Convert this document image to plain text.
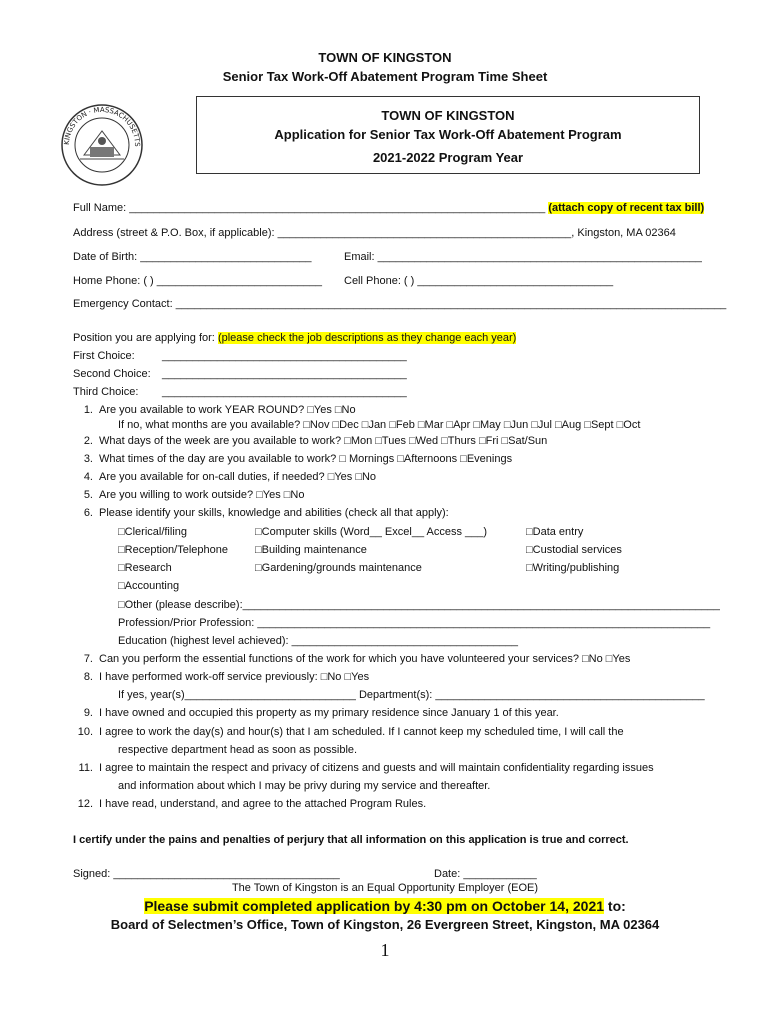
TOWN OF KINGSTON
Senior Tax Work-Off Abatement Program Time Sheet
KINGSTON · MASSACHUSETTS
TOWN OF KINGSTON
Application for Senior Tax Work-Off Abatement Program
2021-2022 Program Year
Full Name: ____________________________________________________________________ (attach copy of recent tax bill)
Address (street & P.O. Box, if applicable): ________________________________________________, Kingston, MA 02364
Date of Birth: ____________________________	Email: _____________________________________________________
Home Phone: ( ) ___________________________ Cell Phone: ( ) ________________________________
Emergency Contact: __________________________________________________________________________________________
Position you are applying for: (please check the job descriptions as they change each year)
First Choice: ________________________________________
Second Choice: ________________________________________
Third Choice: ________________________________________
1. Are you available to work YEAR ROUND? □Yes □No
If no, what months are you available? □Nov □Dec □Jan □Feb □Mar □Apr □May □Jun □Jul □Aug □Sept □Oct
2. What days of the week are you available to work? □Mon □Tues □Wed □Thurs □Fri □Sat/Sun
3. What times of the day are you available to work? □ Mornings □Afternoons □Evenings
4. Are you available for on-call duties, if needed? □Yes □No
5. Are you willing to work outside? □Yes □No
6. Please identify your skills, knowledge and abilities (check all that apply):
□Clerical/filing	□Computer skills (Word__ Excel__ Access ___)	□Data entry
□Reception/Telephone □Building maintenance	□Custodial services
□Research	□Gardening/grounds maintenance	□Writing/publishing
□Accounting
□Other (please describe):______________________________________________________________________________
Profession/Prior Profession: __________________________________________________________________________
Education (highest level achieved): _____________________________________
7. Can you perform the essential functions of the work for which you have volunteered your services? □No □Yes
8. I have performed work-off service previously: □No □Yes
If yes, year(s)____________________________ Department(s): ____________________________________________
9. I have owned and occupied this property as my primary residence since January 1 of this year.
10. I agree to work the day(s) and hour(s) that I am scheduled. If I cannot keep my scheduled time, I will call the
respective department head as soon as possible.
11. I agree to maintain the respect and privacy of citizens and guests and will maintain confidentiality regarding issues
and information about which I may be privy during my service and thereafter.
12. I have read, understand, and agree to the attached Program Rules.
I certify under the pains and penalties of perjury that all information on this application is true and correct.
Signed: _____________________________________	Date: ____________
The Town of Kingston is an Equal Opportunity Employer (EOE)
Please submit completed application by 4:30 pm on October 14, 2021 to:
Board of Selectmen’s Office, Town of Kingston, 26 Evergreen Street, Kingston, MA 02364
1
